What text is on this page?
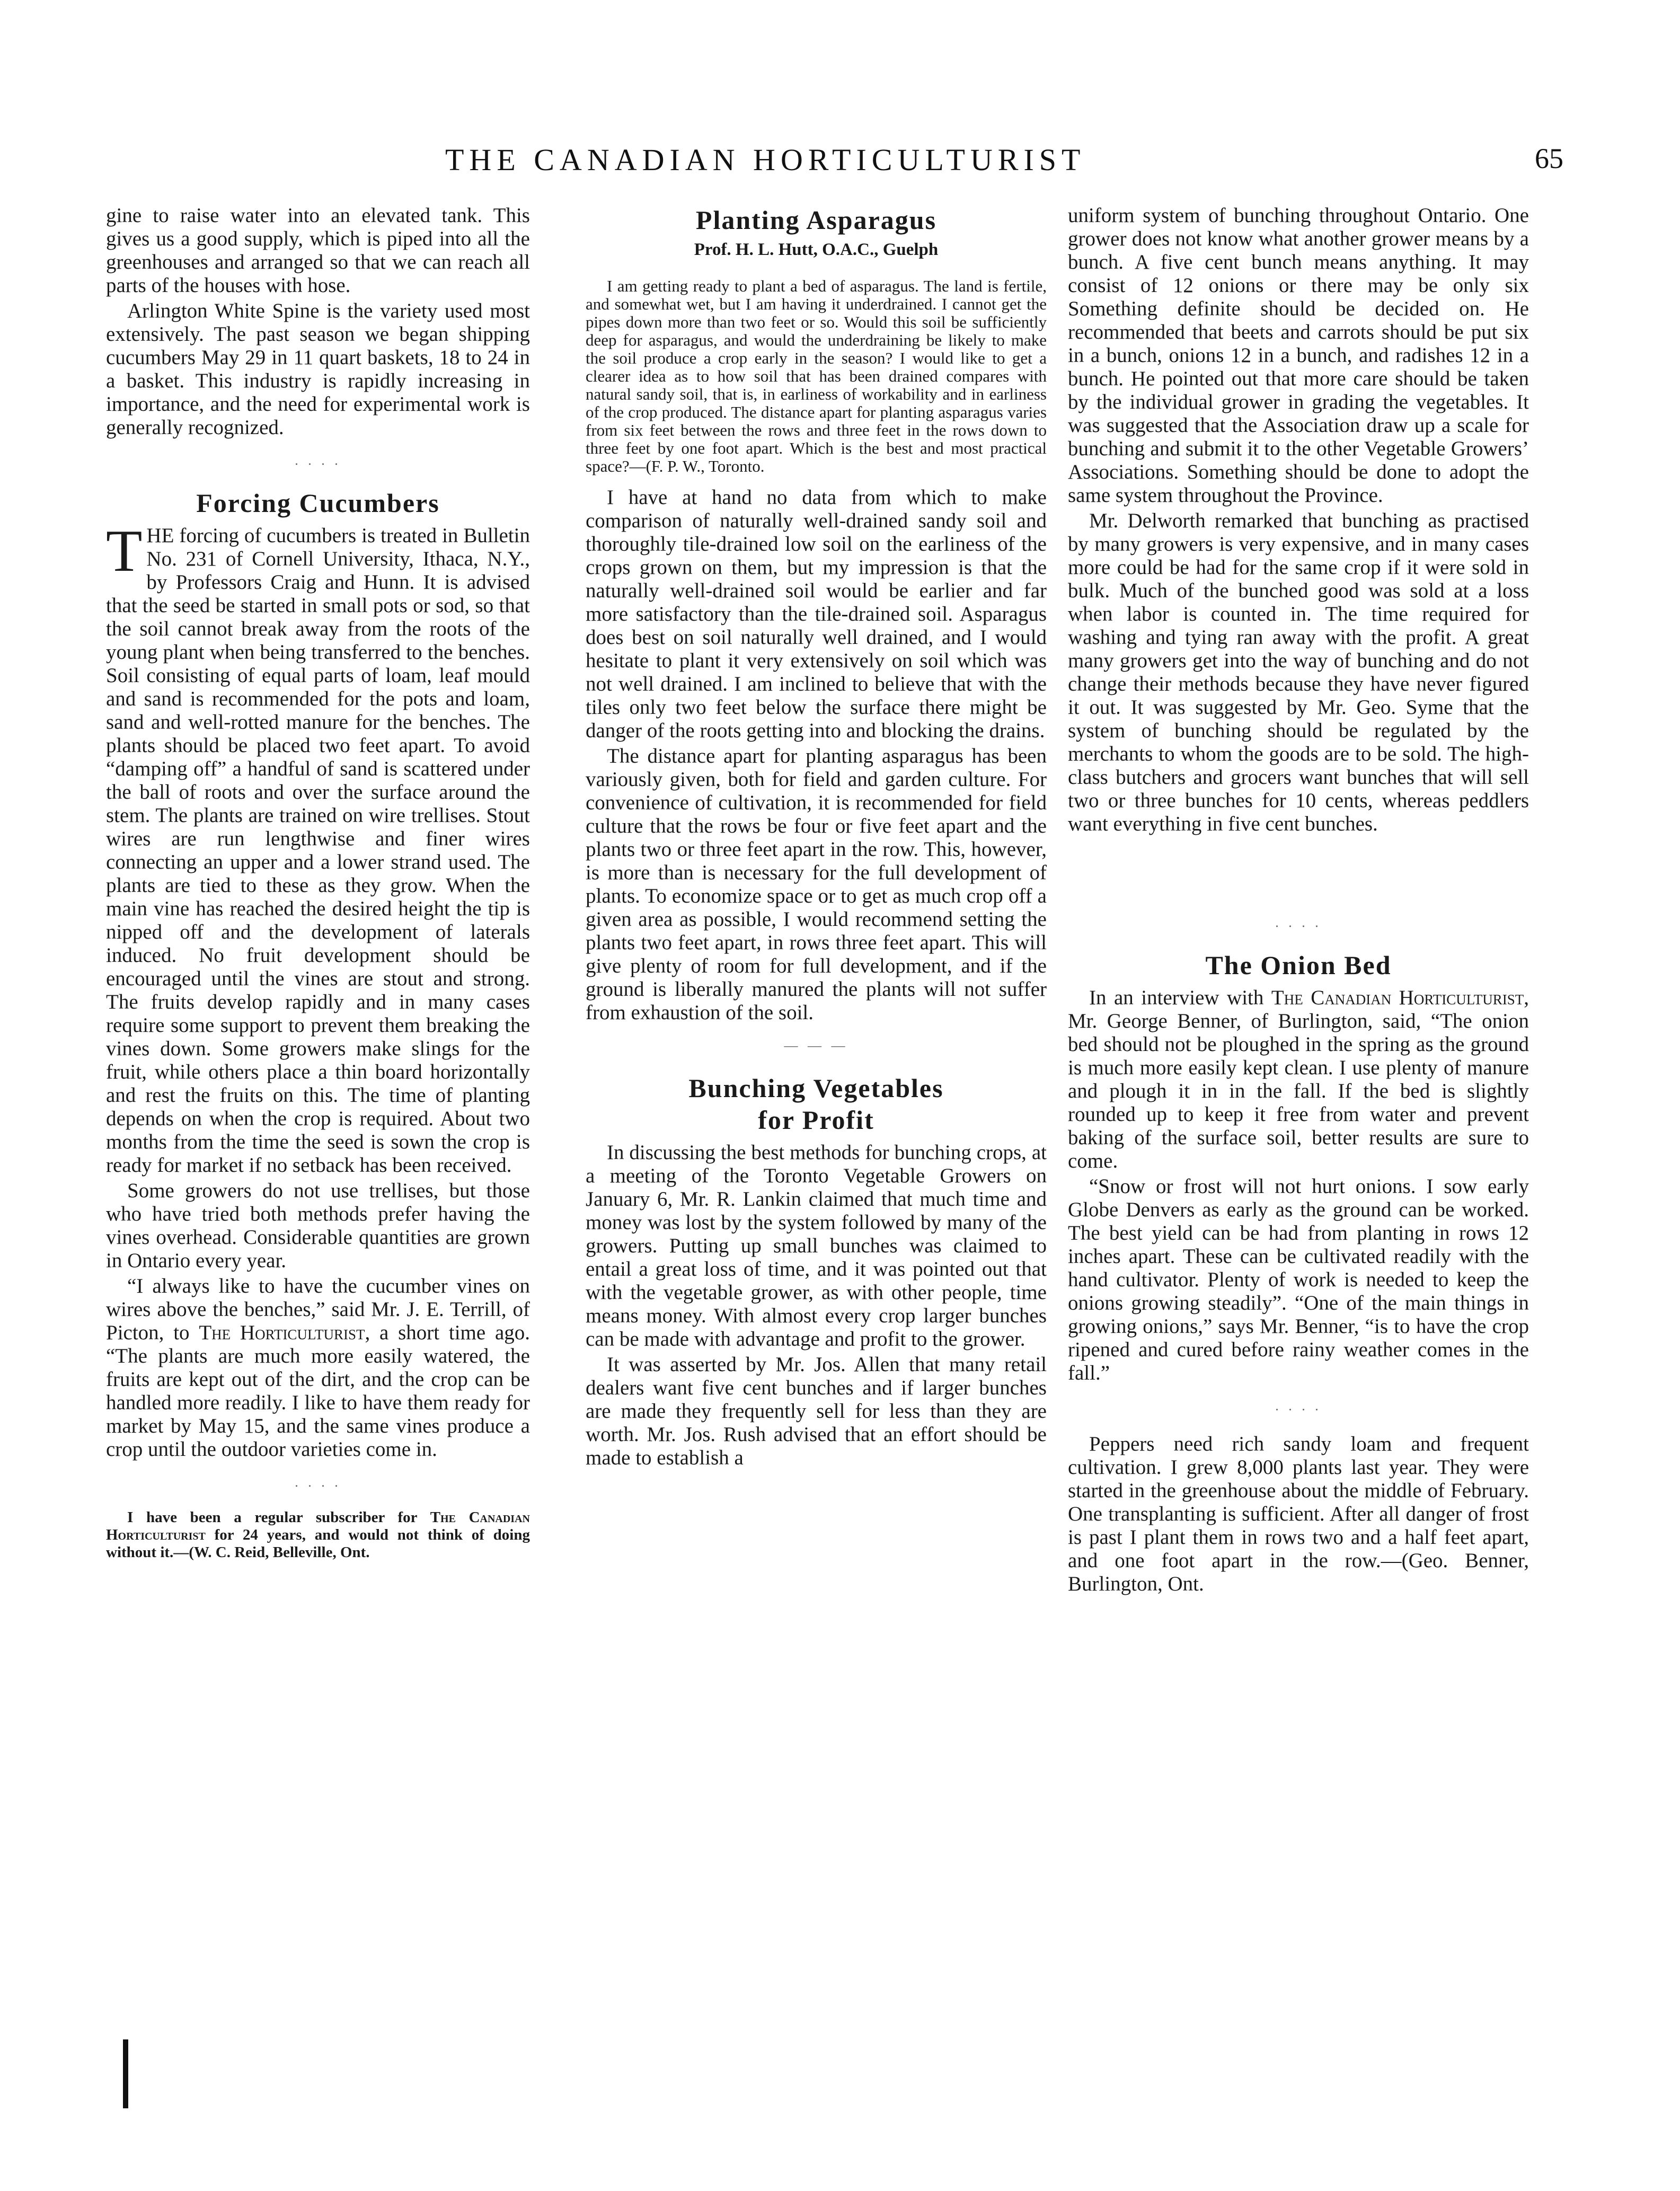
THE CANADIAN HORTICULTURIST	65

gine to raise water into an elevated tank. This gives us a good supply, which is piped into all the greenhouses and arranged so that we can reach all parts of the houses with hose.

Arlington White Spine is the variety used most extensively. The past season we began shipping cucumbers May 29 in 11 quart baskets, 18 to 24 in a basket. This industry is rapidly increasing in importance, and the need for experimental work is generally recognized.

. . . .
Forcing Cucumbers

THE forcing of cucumbers is treated in Bulletin No. 231 of Cornell University, Ithaca, N.Y., by Professors Craig and Hunn. It is advised that the seed be started in small pots or sod, so that the soil cannot break away from the roots of the young plant when being transferred to the benches. Soil consisting of equal parts of loam, leaf mould and sand is recommended for the pots and loam, sand and well-rotted manure for the benches. The plants should be placed two feet apart. To avoid “damping off” a handful of sand is scattered under the ball of roots and over the surface around the stem. The plants are trained on wire trellises. Stout wires are run lengthwise and finer wires connecting an upper and a lower strand used. The plants are tied to these as they grow. When the main vine has reached the desired height the tip is nipped off and the development of laterals induced. No fruit development should be encouraged until the vines are stout and strong. The fruits develop rapidly and in many cases require some support to prevent them breaking the vines down. Some growers make slings for the fruit, while others place a thin board horizontally and rest the fruits on this. The time of planting depends on when the crop is required. About two months from the time the seed is sown the crop is ready for market if no setback has been received.

Some growers do not use trellises, but those who have tried both methods prefer having the vines overhead. Considerable quantities are grown in Ontario every year.

“I always like to have the cucumber vines on wires above the benches,” said Mr. J. E. Terrill, of Picton, to The Horticulturist, a short time ago. “The plants are much more easily watered, the fruits are kept out of the dirt, and the crop can be handled more readily. I like to have them ready for market by May 15, and the same vines produce a crop until the outdoor varieties come in.

. . . .

I have been a regular subscriber for The Canadian Horticulturist for 24 years, and would not think of doing without it.—(W. C. Reid, Belleville, Ont.

Planting Asparagus
Prof. H. L. Hutt, O.A.C., Guelph

I am getting ready to plant a bed of asparagus. The land is fertile, and somewhat wet, but I am having it underdrained. I cannot get the pipes down more than two feet or so. Would this soil be sufficiently deep for asparagus, and would the underdraining be likely to make the soil produce a crop early in the season? I would like to get a clearer idea as to how soil that has been drained compares with natural sandy soil, that is, in earliness of workability and in earliness of the crop produced. The distance apart for planting asparagus varies from six feet between the rows and three feet in the rows down to three feet by one foot apart. Which is the best and most practical space?—(F. P. W., Toronto.

I have at hand no data from which to make comparison of naturally well-drained sandy soil and thoroughly tile-drained low soil on the earliness of the crops grown on them, but my impression is that the naturally well-drained soil would be earlier and far more satisfactory than the tile-drained soil. Asparagus does best on soil naturally well drained, and I would hesitate to plant it very extensively on soil which was not well drained. I am inclined to believe that with the tiles only two feet below the surface there might be danger of the roots getting into and blocking the drains.

The distance apart for planting asparagus has been variously given, both for field and garden culture. For convenience of cultivation, it is recommended for field culture that the rows be four or five feet apart and the plants two or three feet apart in the row. This, however, is more than is necessary for the full development of plants. To economize space or to get as much crop off a given area as possible, I would recommend setting the plants two feet apart, in rows three feet apart. This will give plenty of room for full development, and if the ground is liberally manured the plants will not suffer from exhaustion of the soil.

— — —
Bunching Vegetables
for Profit

In discussing the best methods for bunching crops, at a meeting of the Toronto Vegetable Growers on January 6, Mr. R. Lankin claimed that much time and money was lost by the system followed by many of the growers. Putting up small bunches was claimed to entail a great loss of time, and it was pointed out that with the vegetable grower, as with other people, time means money. With almost every crop larger bunches can be made with advantage and profit to the grower.

It was asserted by Mr. Jos. Allen that many retail dealers want five cent bunches and if larger bunches are made they frequently sell for less than they are worth. Mr. Jos. Rush advised that an effort should be made to establish a

uniform system of bunching throughout Ontario. One grower does not know what another grower means by a bunch. A five cent bunch means anything. It may consist of 12 onions or there may be only six Something definite should be decided on. He recommended that beets and carrots should be put six in a bunch, onions 12 in a bunch, and radishes 12 in a bunch. He pointed out that more care should be taken by the individual grower in grading the vegetables. It was suggested that the Association draw up a scale for bunching and submit it to the other Vegetable Growers’ Associations. Something should be done to adopt the same system throughout the Province.

Mr. Delworth remarked that bunching as practised by many growers is very expensive, and in many cases more could be had for the same crop if it were sold in bulk. Much of the bunched good was sold at a loss when labor is counted in. The time required for washing and tying ran away with the profit. A great many growers get into the way of bunching and do not change their methods because they have never figured it out. It was suggested by Mr. Geo. Syme that the system of bunching should be regulated by the merchants to whom the goods are to be sold. The high-class butchers and grocers want bunches that will sell two or three bunches for 10 cents, whereas peddlers want everything in five cent bunches.

. . . .
The Onion Bed

In an interview with The Canadian Horticulturist, Mr. George Benner, of Burlington, said, “The onion bed should not be ploughed in the spring as the ground is much more easily kept clean. I use plenty of manure and plough it in in the fall. If the bed is slightly rounded up to keep it free from water and prevent baking of the surface soil, better results are sure to come.

“Snow or frost will not hurt onions. I sow early Globe Denvers as early as the ground can be worked. The best yield can be had from planting in rows 12 inches apart. These can be cultivated readily with the hand cultivator. Plenty of work is needed to keep the onions growing steadily”. “One of the main things in growing onions,” says Mr. Benner, “is to have the crop ripened and cured before rainy weather comes in the fall.”

. . . .

Peppers need rich sandy loam and frequent cultivation. I grew 8,000 plants last year. They were started in the greenhouse about the middle of February. One transplanting is sufficient. After all danger of frost is past I plant them in rows two and a half feet apart, and one foot apart in the row.—(Geo. Benner, Burlington, Ont.
